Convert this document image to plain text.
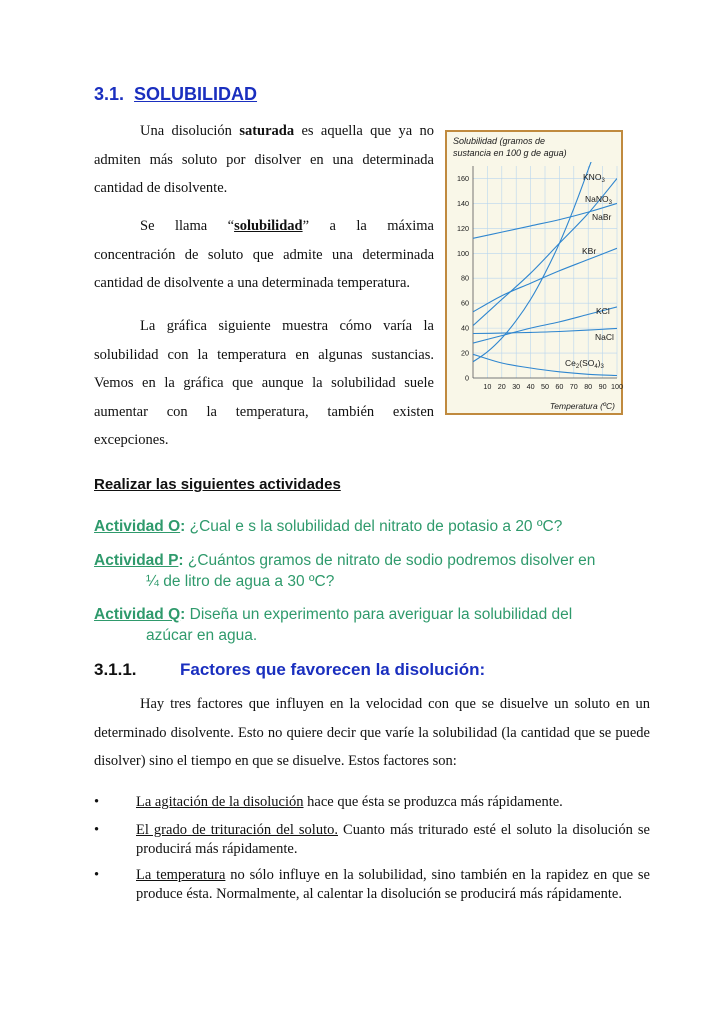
3.1. SOLUBILIDAD
Una disolución saturada es aquella que ya no admiten más soluto por disolver en una determinada cantidad de disolvente.
Se llama “solubilidad” a la máxima concentración de soluto que admite una determinada cantidad de disolvente a una determinada temperatura.
La gráfica siguiente muestra cómo varía la solubilidad con la temperatura en algunas sustancias. Vemos en la gráfica que aunque la solubilidad suele aumentar con la temperatura, también existen excepciones.
Solubilidad (gramos de
sustancia en 100 g de agua)
10 20 30 40 50 60 70 80 90 100
0
20
40
60
80
100
120
140
160	$KNO_3$
NaNO$_3$
NaBr
KBr
KCl
NaCl
$Ce_2(SO_4)_3$
Temperatura (ºC)
Realizar las siguientes actividades
Actividad O: ¿Cual e s la solubilidad del nitrato de potasio a 20 ºC?
Actividad P: ¿Cuántos gramos de nitrato de sodio podremos disolver en
¼ de litro de agua a 30 ºC?
Actividad Q: Diseña un experimento para averiguar la solubilidad del
azúcar en agua.
3.1.1.	Factores que favorecen la disolución:
Hay tres factores que influyen en la velocidad con que se disuelve un soluto en un determinado disolvente. Esto no quiere decir que varíe la solubilidad (la cantidad que se puede disolver) sino el tiempo en que se disuelve. Estos factores son:
•	La agitación de la disolución hace que ésta se produzca más rápidamente.
•	El grado de trituración del soluto. Cuanto más triturado esté el soluto la disolución se producirá más rápidamente.
•	La temperatura no sólo influye en la solubilidad, sino también en la rapidez en que se produce ésta. Normalmente, al calentar la disolución se producirá más rápidamente.
